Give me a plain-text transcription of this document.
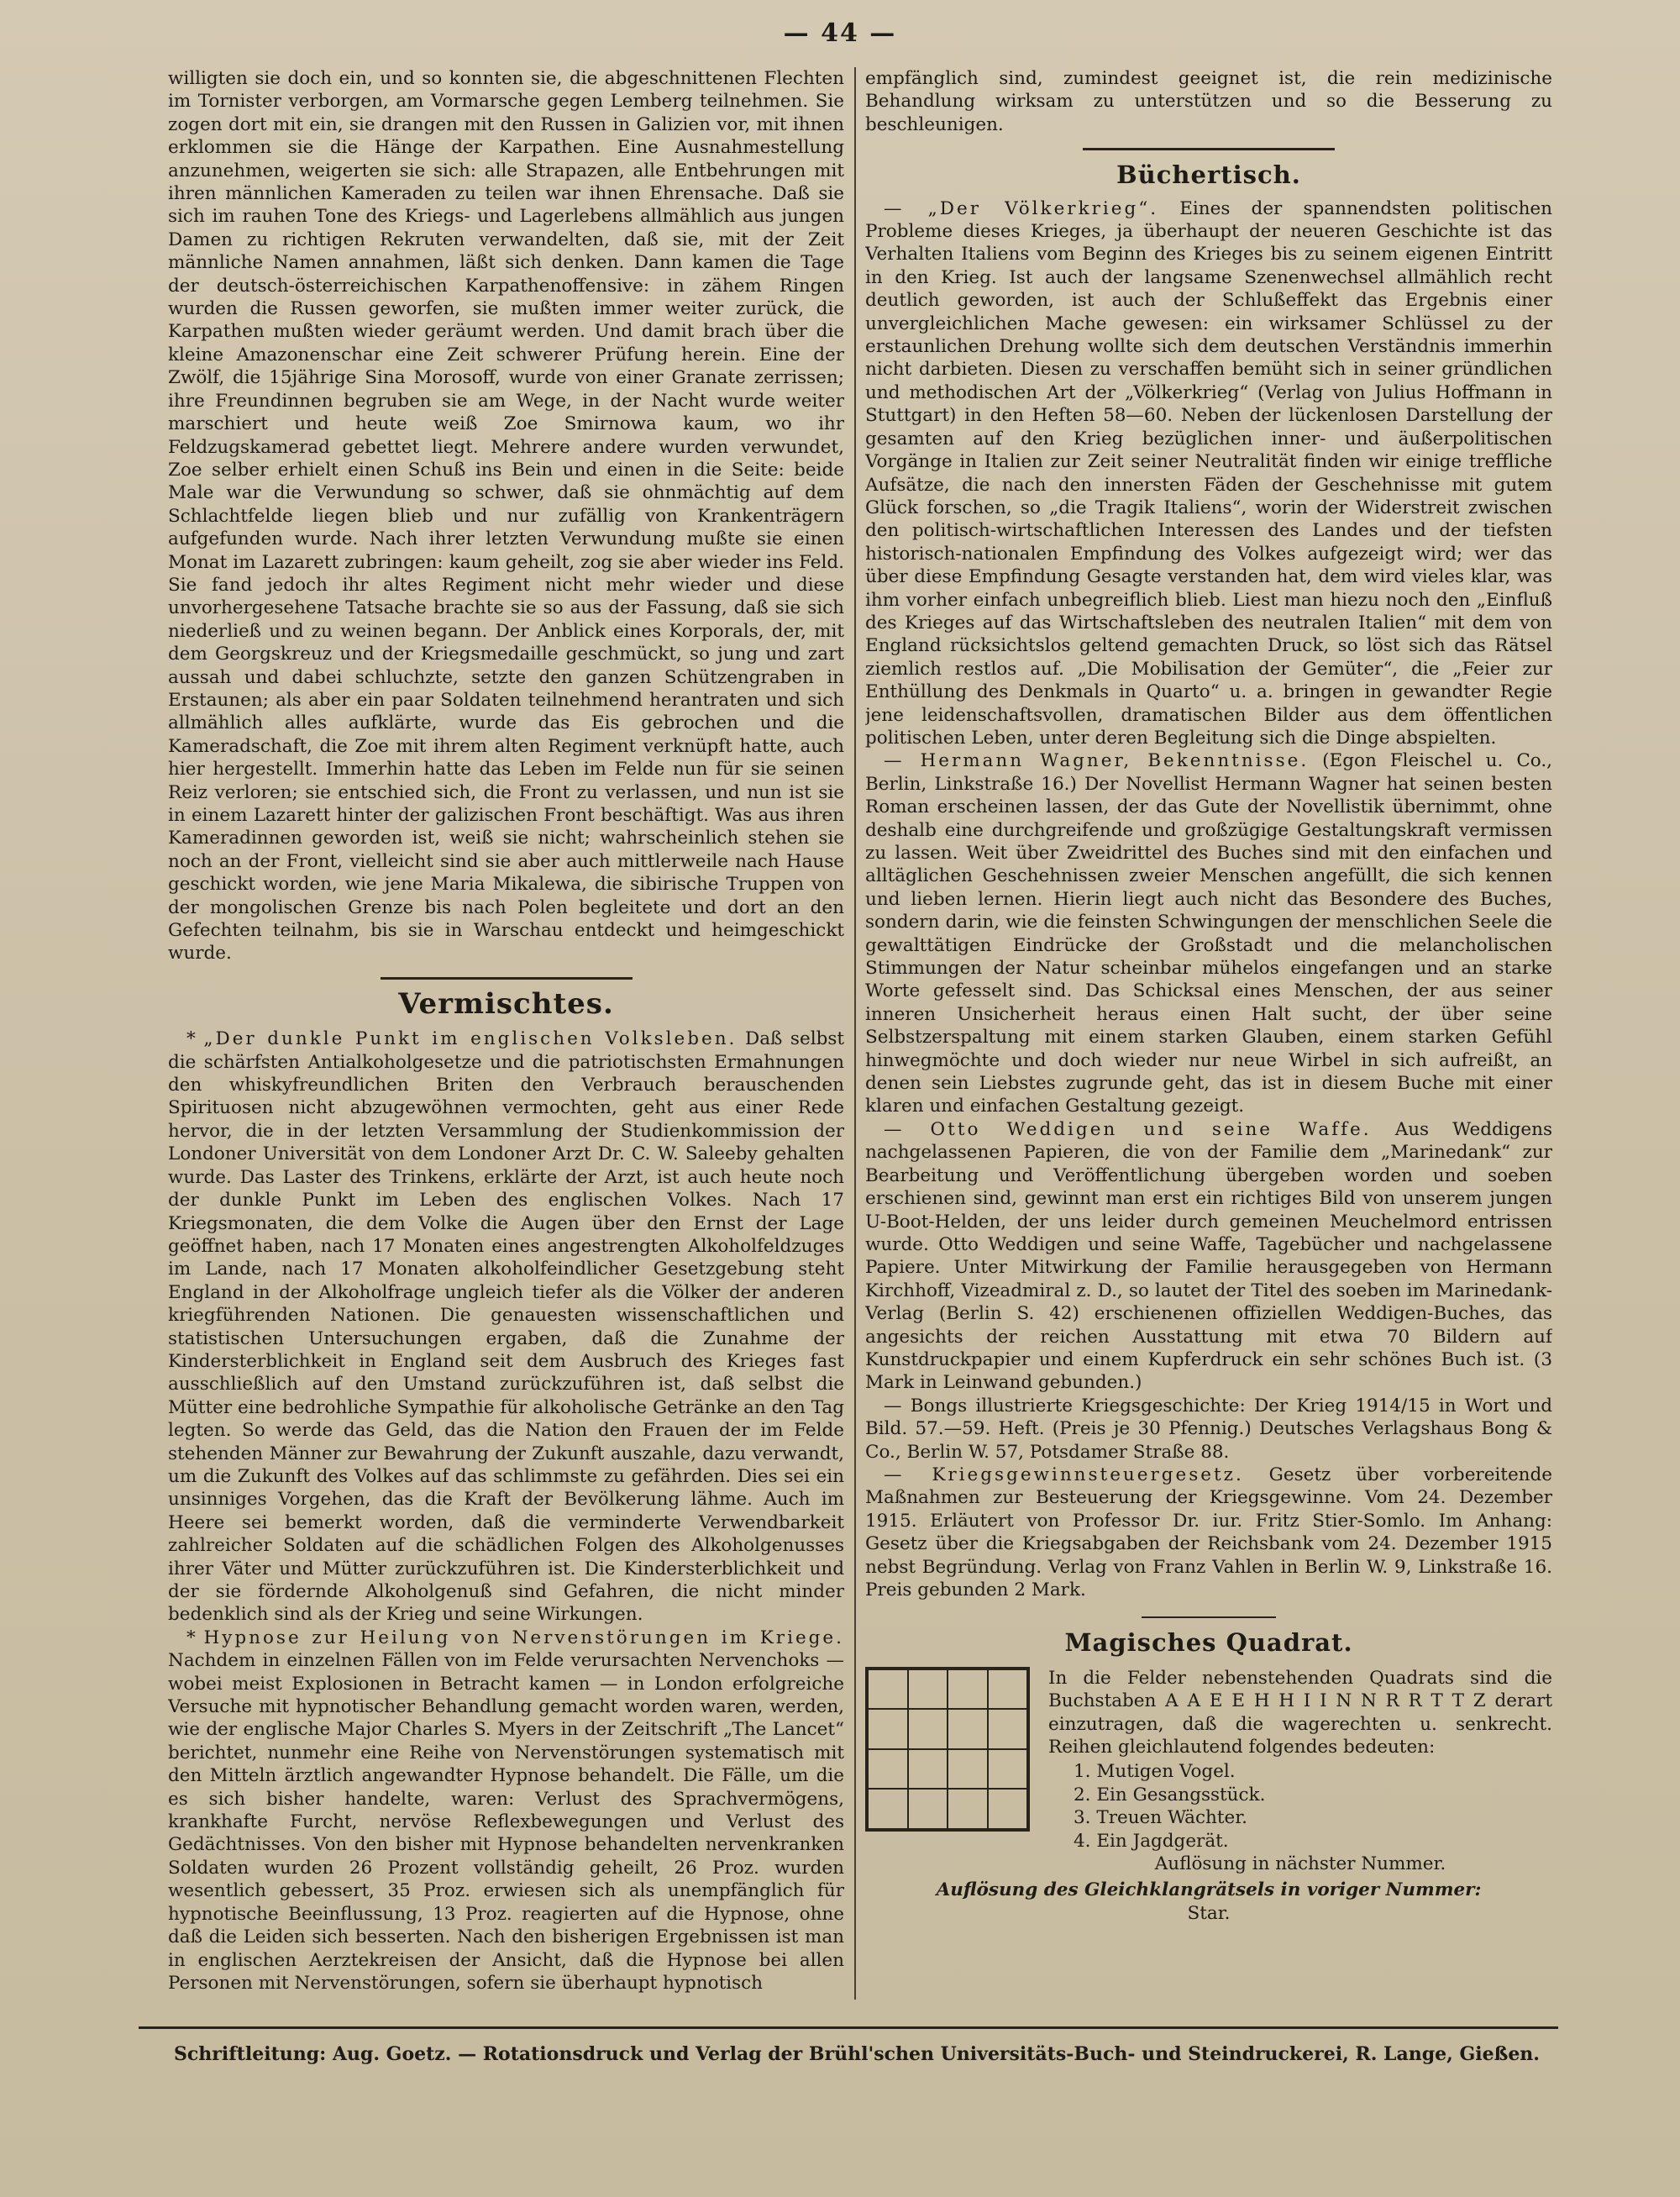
— 44 —

willigten sie doch ein, und so konnten sie, die abgeschnittenen Flechten im Tornister verborgen, am Vormarsche gegen Lemberg teilnehmen. Sie zogen dort mit ein, sie drangen mit den Russen in Galizien vor, mit ihnen erklommen sie die Hänge der Karpathen. Eine Ausnahmestellung anzunehmen, weigerten sie sich: alle Strapazen, alle Entbehrungen mit ihren männlichen Kameraden zu teilen war ihnen Ehrensache. Daß sie sich im rauhen Tone des Kriegs- und Lagerlebens allmählich aus jungen Damen zu richtigen Rekruten verwandelten, daß sie, mit der Zeit männliche Namen annahmen, läßt sich denken. Dann kamen die Tage der deutsch-österreichischen Karpathenoffensive: in zähem Ringen wurden die Russen geworfen, sie mußten immer weiter zurück, die Karpathen mußten wieder geräumt werden. Und damit brach über die kleine Amazonenschar eine Zeit schwerer Prüfung herein. Eine der Zwölf, die 15jährige Sina Morosoff, wurde von einer Granate zerrissen; ihre Freundinnen begruben sie am Wege, in der Nacht wurde weiter marschiert und heute weiß Zoe Smirnowa kaum, wo ihr Feldzugskamerad gebettet liegt. Mehrere andere wurden verwundet, Zoe selber erhielt einen Schuß ins Bein und einen in die Seite: beide Male war die Verwundung so schwer, daß sie ohnmächtig auf dem Schlachtfelde liegen blieb und nur zufällig von Krankenträgern aufgefunden wurde. Nach ihrer letzten Verwundung mußte sie einen Monat im Lazarett zubringen: kaum geheilt, zog sie aber wieder ins Feld. Sie fand jedoch ihr altes Regiment nicht mehr wieder und diese unvorhergesehene Tatsache brachte sie so aus der Fassung, daß sie sich niederließ und zu weinen begann. Der Anblick eines Korporals, der, mit dem Georgskreuz und der Kriegsmedaille geschmückt, so jung und zart aussah und dabei schluchzte, setzte den ganzen Schützengraben in Erstaunen; als aber ein paar Soldaten teilnehmend herantraten und sich allmählich alles aufklärte, wurde das Eis gebrochen und die Kameradschaft, die Zoe mit ihrem alten Regiment verknüpft hatte, auch hier hergestellt. Immerhin hatte das Leben im Felde nun für sie seinen Reiz verloren; sie entschied sich, die Front zu verlassen, und nun ist sie in einem Lazarett hinter der galizischen Front beschäftigt. Was aus ihren Kameradinnen geworden ist, weiß sie nicht; wahrscheinlich stehen sie noch an der Front, vielleicht sind sie aber auch mittlerweile nach Hause geschickt worden, wie jene Maria Mikalewa, die sibirische Truppen von der mongolischen Grenze bis nach Polen begleitete und dort an den Gefechten teilnahm, bis sie in Warschau entdeckt und heimgeschickt wurde.

Vermischtes.

* „Der dunkle Punkt im englischen Volksleben. Daß selbst die schärfsten Antialkoholgesetze und die patriotischsten Ermahnungen den whiskyfreundlichen Briten den Verbrauch berauschenden Spirituosen nicht abzugewöhnen vermochten, geht aus einer Rede hervor, die in der letzten Versammlung der Studienkommission der Londoner Universität von dem Londoner Arzt Dr. C. W. Saleeby gehalten wurde. Das Laster des Trinkens, erklärte der Arzt, ist auch heute noch der dunkle Punkt im Leben des englischen Volkes. Nach 17 Kriegsmonaten, die dem Volke die Augen über den Ernst der Lage geöffnet haben, nach 17 Monaten eines angestrengten Alkoholfeldzuges im Lande, nach 17 Monaten alkoholfeindlicher Gesetzgebung steht England in der Alkoholfrage ungleich tiefer als die Völker der anderen kriegführenden Nationen. Die genauesten wissenschaftlichen und statistischen Untersuchungen ergaben, daß die Zunahme der Kindersterblichkeit in England seit dem Ausbruch des Krieges fast ausschließlich auf den Umstand zurückzuführen ist, daß selbst die Mütter eine bedrohliche Sympathie für alkoholische Getränke an den Tag legten. So werde das Geld, das die Nation den Frauen der im Felde stehenden Männer zur Bewahrung der Zukunft auszahle, dazu verwandt, um die Zukunft des Volkes auf das schlimmste zu gefährden. Dies sei ein unsinniges Vorgehen, das die Kraft der Bevölkerung lähme. Auch im Heere sei bemerkt worden, daß die verminderte Verwendbarkeit zahlreicher Soldaten auf die schädlichen Folgen des Alkoholgenusses ihrer Väter und Mütter zurückzuführen ist. Die Kindersterblichkeit und der sie fördernde Alkoholgenuß sind Gefahren, die nicht minder bedenklich sind als der Krieg und seine Wirkungen.

* Hypnose zur Heilung von Nervenstörungen im Kriege. Nachdem in einzelnen Fällen von im Felde verursachten Nervenchoks — wobei meist Explosionen in Betracht kamen — in London erfolgreiche Versuche mit hypnotischer Behandlung gemacht worden waren, werden, wie der englische Major Charles S. Myers in der Zeitschrift „The Lancet“ berichtet, nunmehr eine Reihe von Nervenstörungen systematisch mit den Mitteln ärztlich angewandter Hypnose behandelt. Die Fälle, um die es sich bisher handelte, waren: Verlust des Sprachvermögens, krankhafte Furcht, nervöse Reflexbewegungen und Verlust des Gedächtnisses. Von den bisher mit Hypnose behandelten nervenkranken Soldaten wurden 26 Prozent vollständig geheilt, 26 Proz. wurden wesentlich gebessert, 35 Proz. erwiesen sich als unempfänglich für hypnotische Beeinflussung, 13 Proz. reagierten auf die Hypnose, ohne daß die Leiden sich besserten. Nach den bisherigen Ergebnissen ist man in englischen Aerztekreisen der Ansicht, daß die Hypnose bei allen Personen mit Nervenstörungen, sofern sie überhaupt hypnotisch

empfänglich sind, zumindest geeignet ist, die rein medizinische Behandlung wirksam zu unterstützen und so die Besserung zu beschleunigen.

Büchertisch.

— „Der Völkerkrieg“. Eines der spannendsten politischen Probleme dieses Krieges, ja überhaupt der neueren Geschichte ist das Verhalten Italiens vom Beginn des Krieges bis zu seinem eigenen Eintritt in den Krieg. Ist auch der langsame Szenenwechsel allmählich recht deutlich geworden, ist auch der Schlußeffekt das Ergebnis einer unvergleichlichen Mache gewesen: ein wirksamer Schlüssel zu der erstaunlichen Drehung wollte sich dem deutschen Verständnis immerhin nicht darbieten. Diesen zu verschaffen bemüht sich in seiner gründlichen und methodischen Art der „Völkerkrieg“ (Verlag von Julius Hoffmann in Stuttgart) in den Heften 58—60. Neben der lückenlosen Darstellung der gesamten auf den Krieg bezüglichen inner- und äußerpolitischen Vorgänge in Italien zur Zeit seiner Neutralität finden wir einige treffliche Aufsätze, die nach den innersten Fäden der Geschehnisse mit gutem Glück forschen, so „die Tragik Italiens“, worin der Widerstreit zwischen den politisch-wirtschaftlichen Interessen des Landes und der tiefsten historisch-nationalen Empfindung des Volkes aufgezeigt wird; wer das über diese Empfindung Gesagte verstanden hat, dem wird vieles klar, was ihm vorher einfach unbegreiflich blieb. Liest man hiezu noch den „Einfluß des Krieges auf das Wirtschaftsleben des neutralen Italien“ mit dem von England rücksichtslos geltend gemachten Druck, so löst sich das Rätsel ziemlich restlos auf. „Die Mobilisation der Gemüter“, die „Feier zur Enthüllung des Denkmals in Quarto“ u. a. bringen in gewandter Regie jene leidenschaftsvollen, dramatischen Bilder aus dem öffentlichen politischen Leben, unter deren Begleitung sich die Dinge abspielten.

— Hermann Wagner, Bekenntnisse. (Egon Fleischel u. Co., Berlin, Linkstraße 16.) Der Novellist Hermann Wagner hat seinen besten Roman erscheinen lassen, der das Gute der Novellistik übernimmt, ohne deshalb eine durchgreifende und großzügige Gestaltungskraft vermissen zu lassen. Weit über Zweidrittel des Buches sind mit den einfachen und alltäglichen Geschehnissen zweier Menschen angefüllt, die sich kennen und lieben lernen. Hierin liegt auch nicht das Besondere des Buches, sondern darin, wie die feinsten Schwingungen der menschlichen Seele die gewalttätigen Eindrücke der Großstadt und die melancholischen Stimmungen der Natur scheinbar mühelos eingefangen und an starke Worte gefesselt sind. Das Schicksal eines Menschen, der aus seiner inneren Unsicherheit heraus einen Halt sucht, der über seine Selbstzerspaltung mit einem starken Glauben, einem starken Gefühl hinwegmöchte und doch wieder nur neue Wirbel in sich aufreißt, an denen sein Liebstes zugrunde geht, das ist in diesem Buche mit einer klaren und einfachen Gestaltung gezeigt.

— Otto Weddigen und seine Waffe. Aus Weddigens nachgelassenen Papieren, die von der Familie dem „Marinedank“ zur Bearbeitung und Veröffentlichung übergeben worden und soeben erschienen sind, gewinnt man erst ein richtiges Bild von unserem jungen U-Boot-Helden, der uns leider durch gemeinen Meuchelmord entrissen wurde. Otto Weddigen und seine Waffe, Tagebücher und nachgelassene Papiere. Unter Mitwirkung der Familie herausgegeben von Hermann Kirchhoff, Vizeadmiral z. D., so lautet der Titel des soeben im Marinedank-Verlag (Berlin S. 42) erschienenen offiziellen Weddigen-Buches, das angesichts der reichen Ausstattung mit etwa 70 Bildern auf Kunstdruckpapier und einem Kupferdruck ein sehr schönes Buch ist. (3 Mark in Leinwand gebunden.)

— Bongs illustrierte Kriegsgeschichte: Der Krieg 1914/15 in Wort und Bild. 57.—59. Heft. (Preis je 30 Pfennig.) Deutsches Verlagshaus Bong & Co., Berlin W. 57, Potsdamer Straße 88.

— Kriegsgewinnsteuergesetz. Gesetz über vorbereitende Maßnahmen zur Besteuerung der Kriegsgewinne. Vom 24. Dezember 1915. Erläutert von Professor Dr. iur. Fritz Stier-Somlo. Im Anhang: Gesetz über die Kriegsabgaben der Reichsbank vom 24. Dezember 1915 nebst Begründung. Verlag von Franz Vahlen in Berlin W. 9, Linkstraße 16. Preis gebunden 2 Mark.

Magisches Quadrat.
In die Felder nebenstehenden Quadrats sind die Buchstaben A A E E H H I I N N R R T T Z derart einzutragen, daß die wagerechten u. senkrecht. Reihen gleichlautend folgendes bedeuten:
1. Mutigen Vogel.
2. Ein Gesangsstück.
3. Treuen Wächter.
4. Ein Jagdgerät.
Auflösung in nächster Nummer.
Auflösung des Gleichklangrätsels in voriger Nummer:
Star.
Schriftleitung: Aug. Goetz. — Rotationsdruck und Verlag der Brühl'schen Universitäts-Buch- und Steindruckerei, R. Lange, Gießen.
